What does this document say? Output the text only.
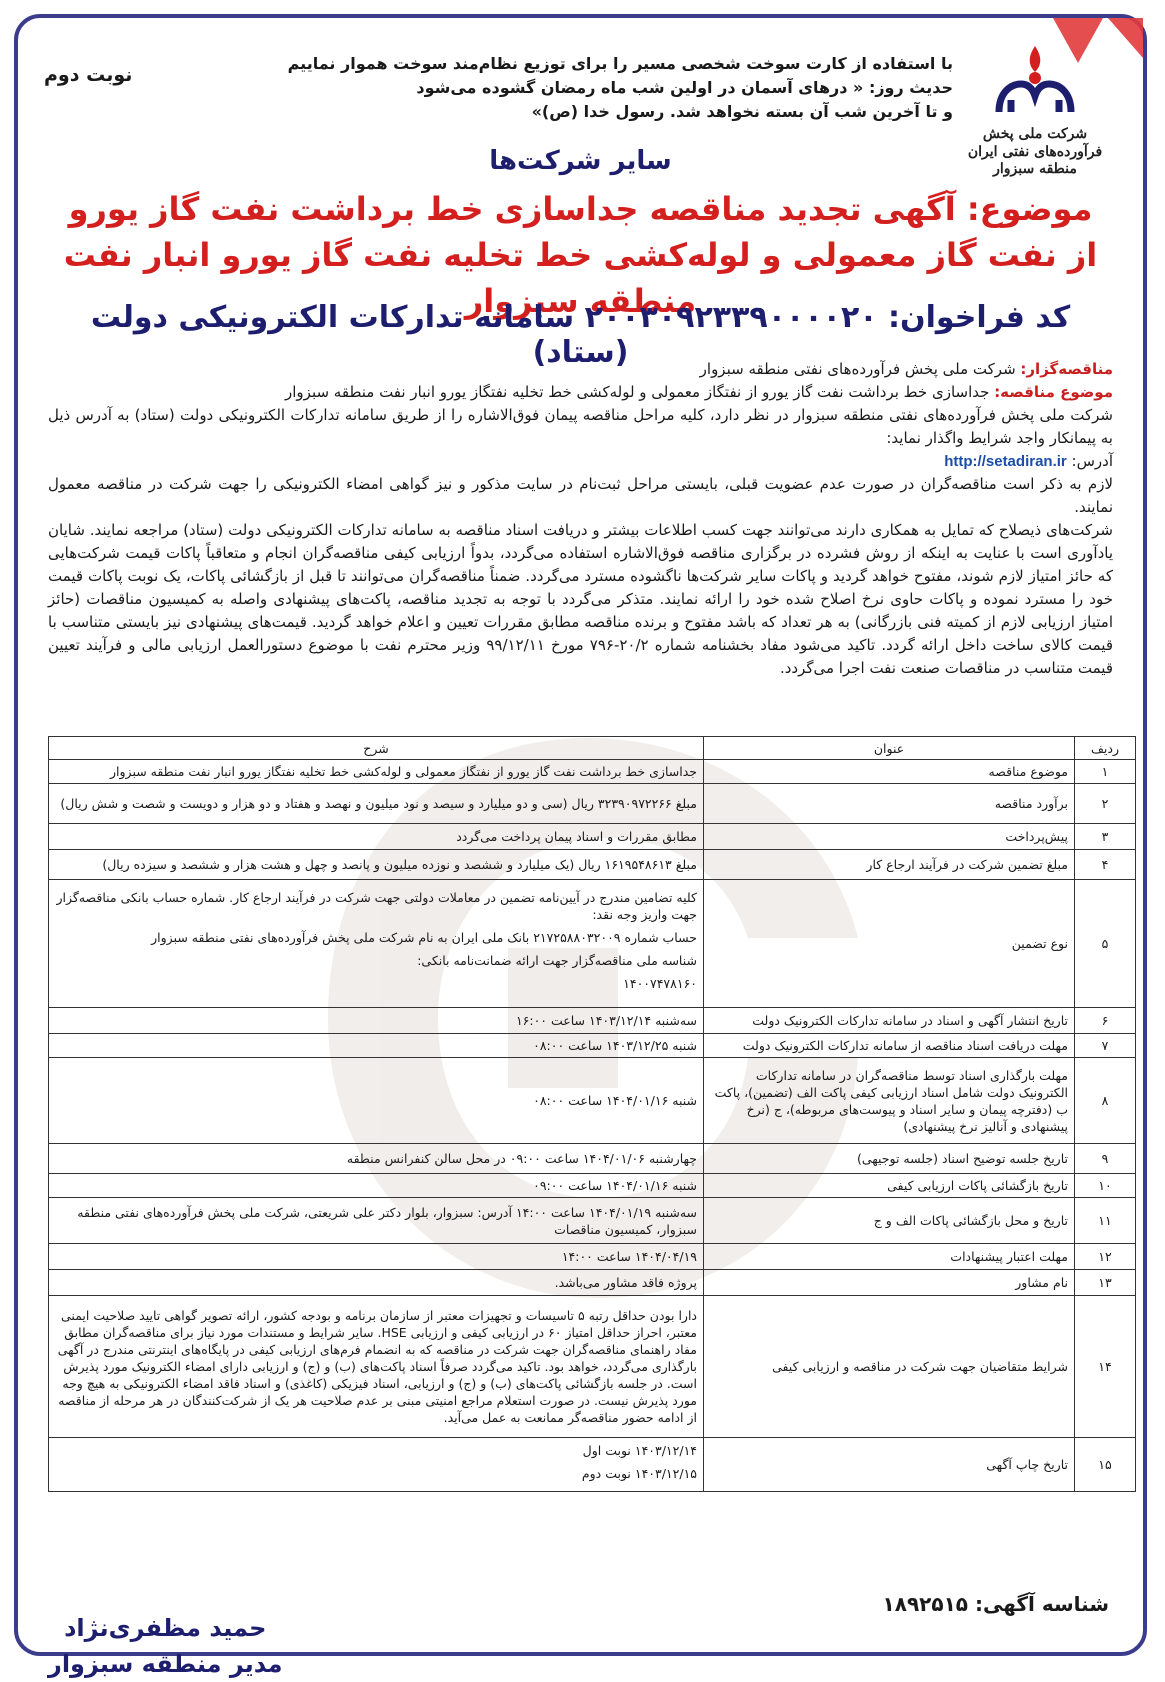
نوبت دوم
با استفاده از کارت سوخت شخصی مسیر را برای توزیع نظام‌مند سوخت هموار نماییم
حدیث روز: « درهای آسمان در اولین شب ماه رمضان گشوده می‌شود
و تا آخرین شب آن بسته نخواهد شد. رسول خدا (ص)»
شرکت ملی پخش فرآورده‌های نفتی ایران
منطقه سبزوار
سایر شرکت‌ها
موضوع: آگهی تجدید مناقصه جداسازی خط برداشت نفت گاز یورو
از نفت گاز معمولی و لوله‌کشی خط تخلیه نفت گاز یورو انبار نفت منطقه سبزوار
کد فراخوان: ۲۰۰۳۰۹۲۳۳۹۰۰۰۰۲۰ سامانه تدارکات الکترونیکی دولت (ستاد)	مناقصه‌گزار: شرکت ملی پخش فرآورده‌های نفتی منطقه سبزوار

موضوع مناقصه: جداسازی خط برداشت نفت گاز یورو از نفتگاز معمولی و لوله‌کشی خط تخلیه نفتگاز یورو انبار نفت منطقه سبزوار

شرکت ملی پخش فرآورده‌های نفتی منطقه سبزوار در نظر دارد، کلیه مراحل مناقصه پیمان فوق‌الاشاره را از طریق سامانه تدارکات الکترونیکی دولت (ستاد) به آدرس ذیل به پیمانکار واجد شرایط واگذار نماید:

آدرس: http://setadiran.ir

لازم به ذکر است مناقصه‌گران در صورت عدم عضویت قبلی، بایستی مراحل ثبت‌نام در سایت مذکور و نیز گواهی امضاء الکترونیکی را جهت شرکت در مناقصه معمول نمایند.

شرکت‌های ذیصلاح که تمایل به همکاری دارند می‌توانند جهت کسب اطلاعات بیشتر و دریافت اسناد مناقصه به سامانه تدارکات الکترونیکی دولت (ستاد) مراجعه نمایند. شایان یادآوری است با عنایت به اینکه از روش فشرده در برگزاری مناقصه فوق‌الاشاره استفاده می‌گردد، بدواً ارزیابی کیفی مناقصه‌گران انجام و متعاقباً پاکات قیمت شرکت‌هایی که حائز امتیاز لازم شوند، مفتوح خواهد گردید و پاکات سایر شرکت‌ها ناگشوده مسترد می‌گردد. ضمناً مناقصه‌گران می‌توانند تا قبل از بازگشائی پاکات، یک نوبت پاکات قیمت خود را مسترد نموده و پاکات حاوی نرخ اصلاح شده خود را ارائه نمایند. متذکر می‌گردد با توجه به تجدید مناقصه، پاکت‌های پیشنهادی واصله به کمیسیون مناقصات (حائز امتیاز ارزیابی لازم از کمیته فنی بازرگانی) به هر تعداد که باشد مفتوح و برنده مناقصه مطابق مقررات تعیین و اعلام خواهد گردید. قیمت‌های پیشنهادی نیز بایستی متناسب با قیمت کالای ساخت داخل ارائه گردد. تاکید می‌شود مفاد بخشنامه شماره ۲۰/۲-۷۹۶ مورخ ۹۹/۱۲/۱۱ وزیر محترم نفت با موضوع دستورالعمل ارزیابی مالی و فرآیند تعیین قیمت متناسب در مناقصات صنعت نفت اجرا می‌گردد.

ردیف	عنوان	شرح
۱	موضوع مناقصه	جداسازی خط برداشت نفت گاز یورو از نفتگاز معمولی و لوله‌کشی خط تخلیه نفتگاز یورو انبار نفت منطقه سبزوار

۲	برآورد مناقصه	مبلغ ۳۲۳۹۰۹۷۲۲۶۶ ریال (سی و دو میلیارد و سیصد و نود میلیون و نهصد و هفتاد و دو هزار و دویست و شصت و شش ریال)

۳	پیش‌پرداخت	مطابق مقررات و اسناد پیمان پرداخت می‌گردد

۴	مبلغ تضمین شرکت در فرآیند ارجاع کار	مبلغ ۱۶۱۹۵۴۸۶۱۳ ریال (یک میلیارد و ششصد و نوزده میلیون و پانصد و چهل و هشت هزار و ششصد و سیزده ریال)

۵	نوع تضمین	کلیه تضامین مندرج در آیین‌نامه تضمین در معاملات دولتی جهت شرکت در فرآیند ارجاع کار. شماره حساب بانکی مناقصه‌گزار جهت واریز وجه نقد:
حساب شماره ۲۱۷۲۵۸۸۰۳۲۰۰۹ بانک ملی ایران به نام شرکت ملی پخش فرآورده‌های نفتی منطقه سبزوار
شناسه ملی مناقصه‌گزار جهت ارائه ضمانت‌نامه بانکی:
۱۴۰۰۷۴۷۸۱۶۰

۶	تاریخ انتشار آگهی و اسناد در سامانه تدارکات الکترونیک دولت	سه‌شنبه ۱۴۰۳/۱۲/۱۴ ساعت ۱۶:۰۰

۷	مهلت دریافت اسناد مناقصه از سامانه تدارکات الکترونیک دولت	شنبه ۱۴۰۳/۱۲/۲۵ ساعت ۰۸:۰۰

۸	مهلت بارگذاری اسناد توسط مناقصه‌گران در سامانه تدارکات الکترونیک دولت شامل اسناد ارزیابی کیفی پاکت الف (تضمین)، پاکت ب (دفترچه پیمان و سایر اسناد و پیوست‌های مربوطه)، ج (نرخ پیشنهادی و آنالیز نرخ پیشنهادی)	شنبه ۱۴۰۴/۰۱/۱۶ ساعت ۰۸:۰۰

۹	تاریخ جلسه توضیح اسناد (جلسه توجیهی)	چهارشنبه ۱۴۰۴/۰۱/۰۶ ساعت ۰۹:۰۰ در محل سالن کنفرانس منطقه

۱۰	تاریخ بازگشائی پاکات ارزیابی کیفی	شنبه ۱۴۰۴/۰۱/۱۶ ساعت ۰۹:۰۰

۱۱	تاریخ و محل بازگشائی پاکات الف و ج	سه‌شنبه ۱۴۰۴/۰۱/۱۹ ساعت ۱۴:۰۰ آدرس: سبزوار، بلوار دکتر علی شریعتی، شرکت ملی پخش فرآورده‌های نفتی منطقه سبزوار، کمیسیون مناقصات

۱۲	مهلت اعتبار پیشنهادات	۱۴۰۴/۰۴/۱۹ ساعت ۱۴:۰۰

۱۳	نام مشاور	پروژه فاقد مشاور می‌باشد.

۱۴	شرایط متقاضیان جهت شرکت در مناقصه و ارزیابی کیفی	دارا بودن حداقل رتبه ۵ تاسیسات و تجهیزات معتبر از سازمان برنامه و بودجه کشور، ارائه تصویر گواهی تایید صلاحیت ایمنی معتبر، احراز حداقل امتیاز ۶۰ در ارزیابی کیفی و ارزیابی HSE. سایر شرایط و مستندات مورد نیاز برای مناقصه‌گران مطابق مفاد راهنمای مناقصه‌گران جهت شرکت در مناقصه که به انضمام فرم‌های ارزیابی کیفی در پایگاه‌های اینترنتی مندرج در آگهی بارگذاری می‌گردد، خواهد بود. تاکید می‌گردد صرفاً اسناد پاکت‌های (ب) و (ج) و ارزیابی دارای امضاء الکترونیک مورد پذیرش است. در جلسه بازگشائی پاکت‌های (ب) و (ج) و ارزیابی، اسناد فیزیکی (کاغذی) و اسناد فاقد امضاء الکترونیکی به هیچ وجه مورد پذیرش نیست. در صورت استعلام مراجع امنیتی مبنی بر عدم صلاحیت هر یک از شرکت‌کنندگان در هر مرحله از مناقصه از ادامه حضور مناقصه‌گر ممانعت به عمل می‌آید.

۱۵	تاریخ چاپ آگهی	۱۴۰۳/۱۲/۱۴ نوبت اول
۱۴۰۳/۱۲/۱۵ نوبت دوم
شناسه آگهی: ۱۸۹۲۵۱۵
حمید مظفری‌نژاد
مدیر منطقه سبزوار
